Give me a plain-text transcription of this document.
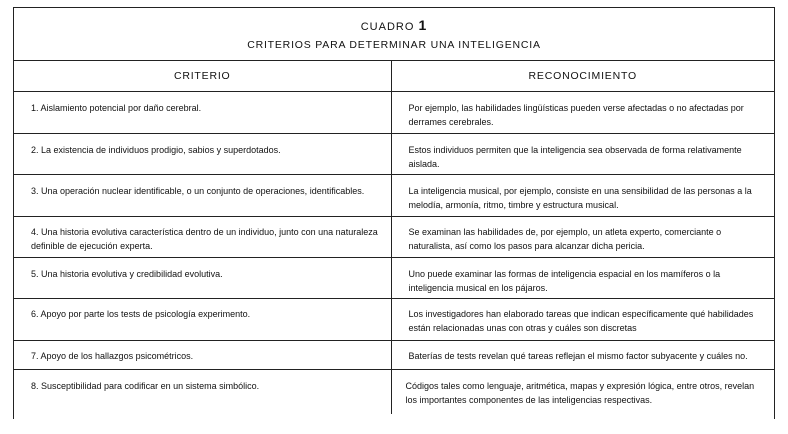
CUADRO 1
CRITERIOS PARA DETERMINAR UNA INTELIGENCIA
CRITERIO	RECONOCIMIENTO
1. Aislamiento potencial por daño cerebral.	Por ejemplo, las habilidades lingüísticas pueden verse afectadas o no afectadas por derrames cerebrales.
2. La existencia de individuos prodigio, sabios y superdotados.	Estos individuos permiten que la inteligencia sea observada de forma relativamente aislada.
3. Una operación nuclear identificable, o un conjunto de operaciones, identificables.	La inteligencia musical, por ejemplo, consiste en una sensibilidad de las personas a la melodía, armonía, ritmo, timbre y estructura musical.
4. Una historia evolutiva característica dentro de un individuo, junto con una naturaleza definible de ejecución experta.	Se examinan las habilidades de, por ejemplo, un atleta experto, comerciante o naturalista, así como los pasos para alcanzar dicha pericia.
5. Una historia evolutiva y credibilidad evolutiva.	Uno puede examinar las formas de inteligencia espacial en los mamíferos o la inteligencia musical en los pájaros.
6. Apoyo por parte los tests de psicología experimento.	Los investigadores han elaborado tareas que indican específicamente qué habilidades están relacionadas unas con otras y cuáles son discretas
7. Apoyo de los hallazgos psicométricos.	Baterías de tests revelan qué tareas reflejan el mismo factor subyacente y cuáles no.
8. Susceptibilidad para codificar en un sistema simbólico.	Códigos tales como lenguaje, aritmética, mapas y expresión lógica, entre otros, revelan los importantes componentes de las inteligencias respectivas.
